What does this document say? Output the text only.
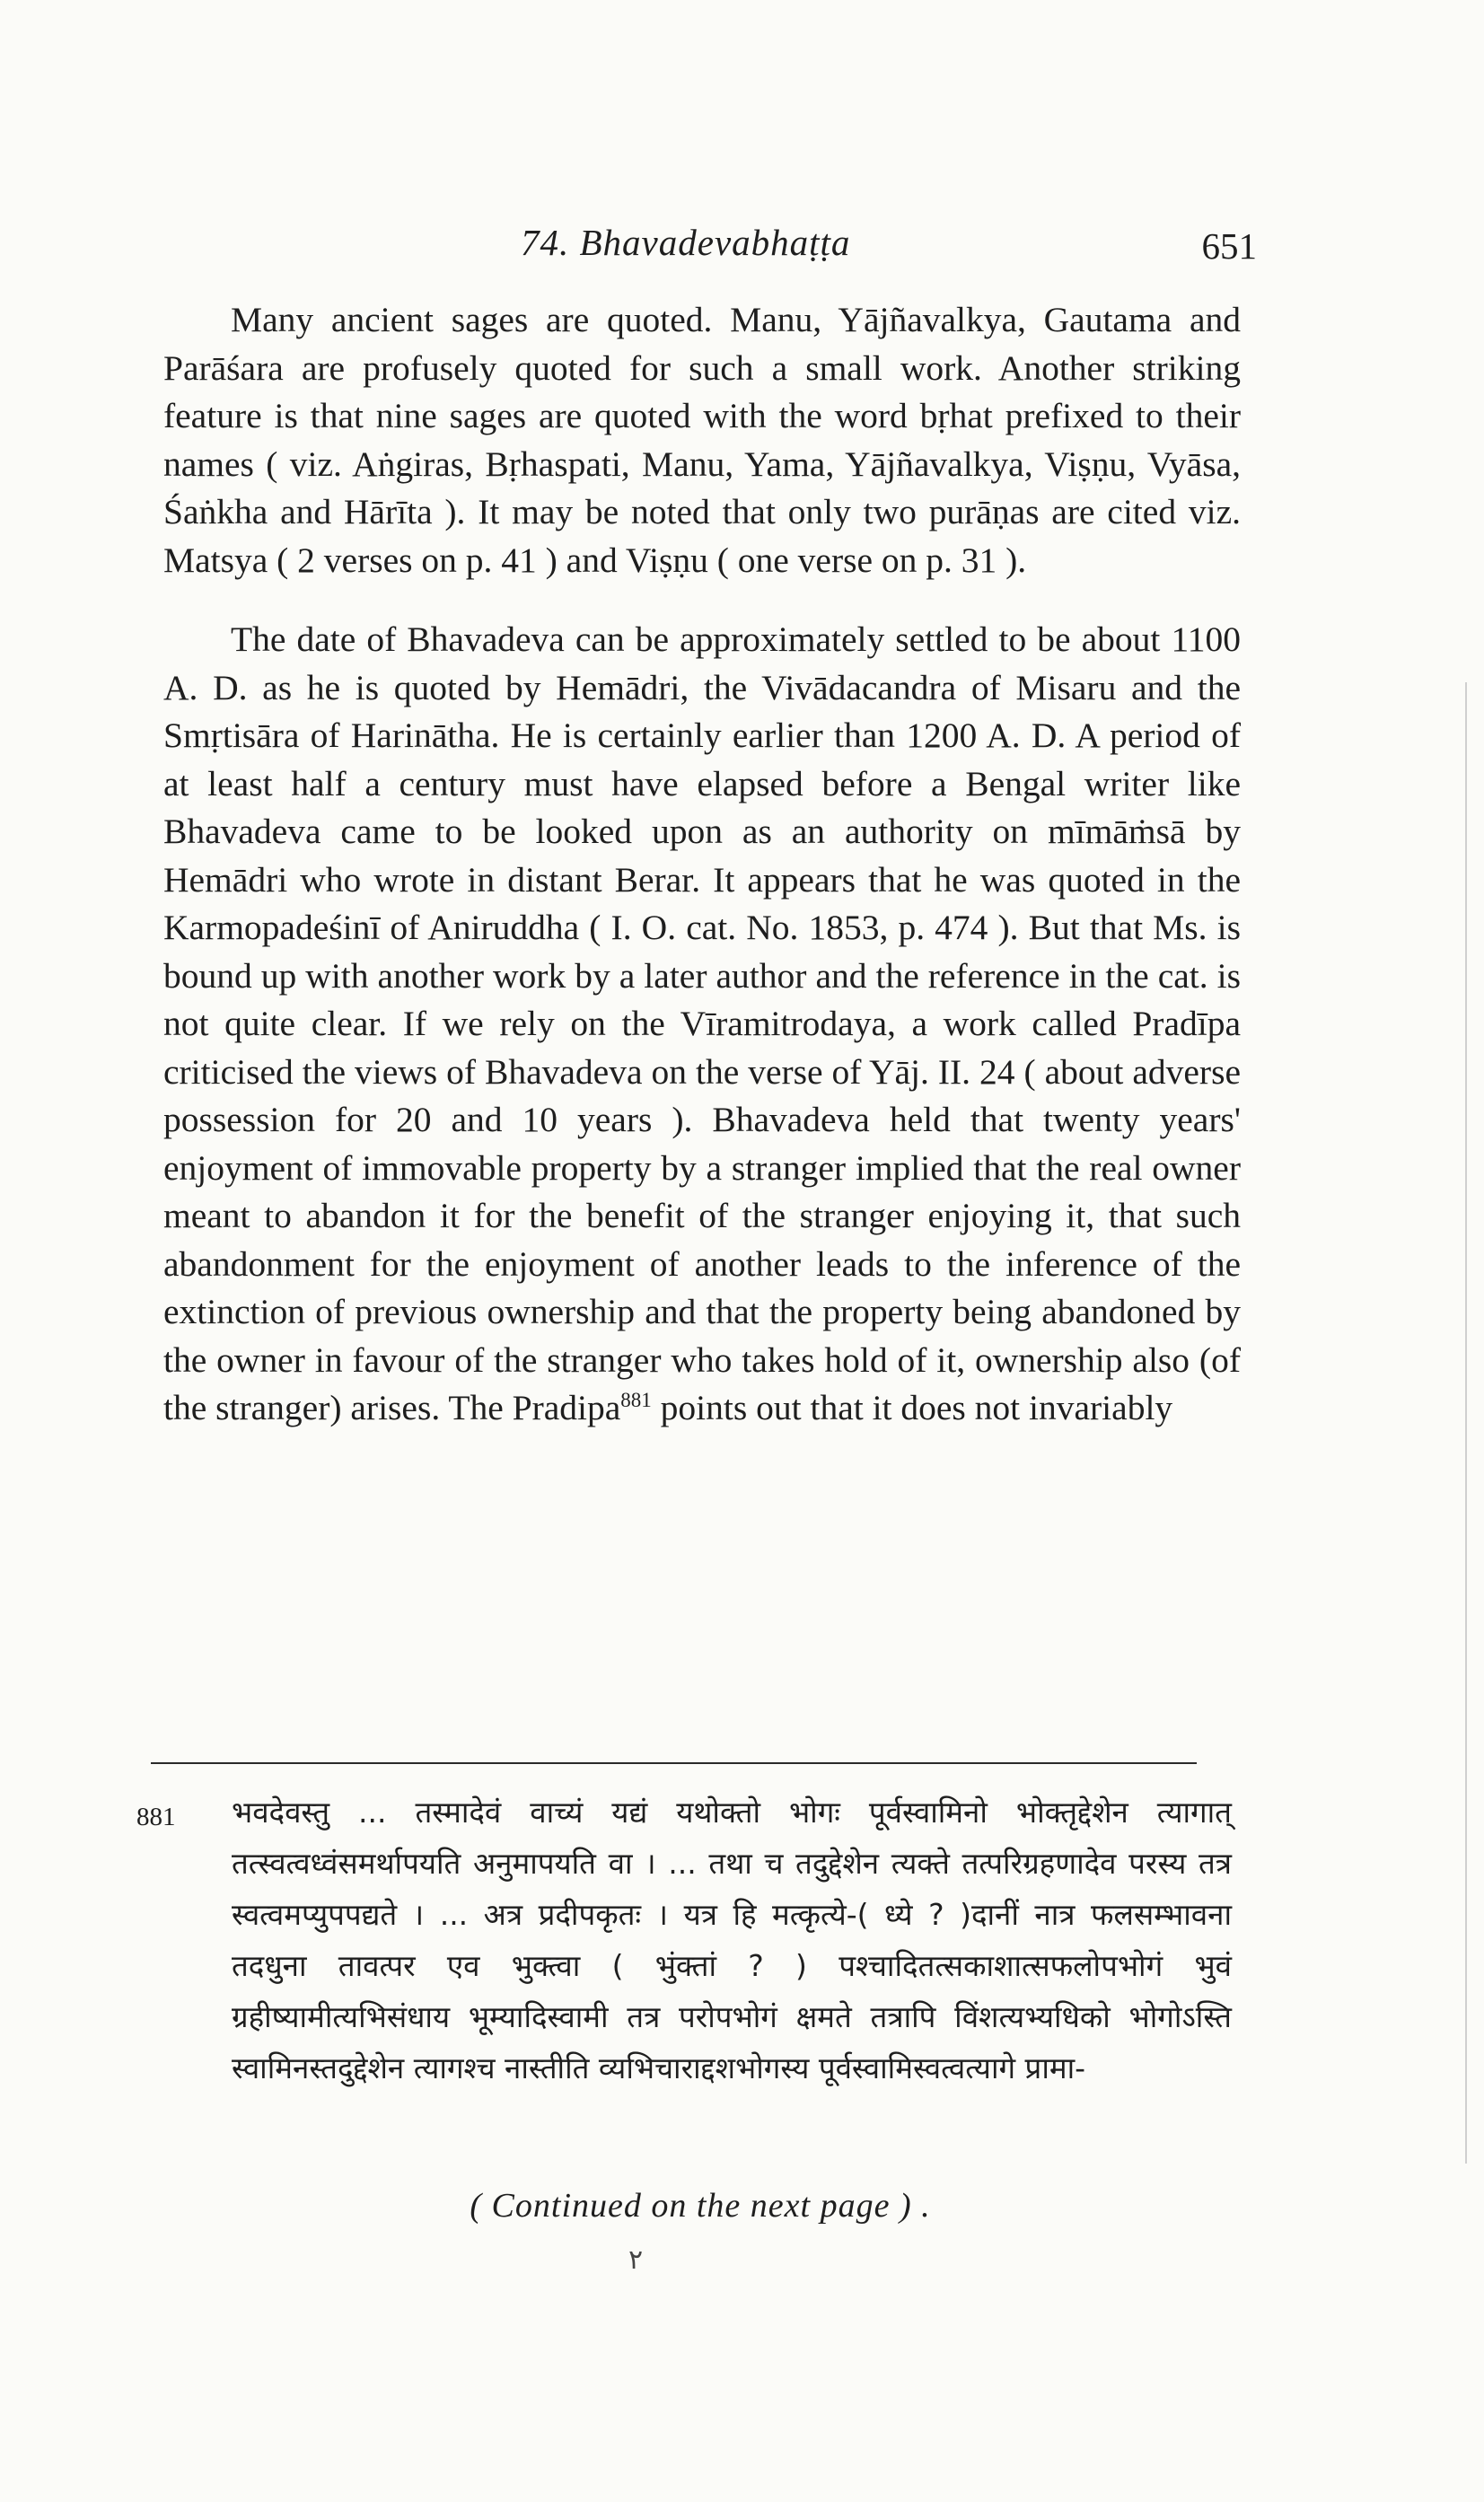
74. Bhavadevabhaṭṭa	651

Many ancient sages are quoted. Manu, Yājñavalkya, Gautama and Parāśara are profusely quoted for such a small work. Another striking feature is that nine sages are quoted with the word bṛhat prefixed to their names ( viz. Aṅgiras, Bṛhaspati, Manu, Yama, Yājñavalkya, Viṣṇu, Vyāsa, Śaṅkha and Hārīta ). It may be noted that only two purāṇas are cited viz. Matsya ( 2 verses on p. 41 ) and Viṣṇu ( one verse on p. 31 ).

The date of Bhavadeva can be approximately settled to be about 1100 A. D. as he is quoted by Hemādri, the Vivādacandra of Misaru and the Smṛtisāra of Harinātha. He is certainly earlier than 1200 A. D. A period of at least half a century must have elapsed before a Bengal writer like Bhavadeva came to be looked upon as an authority on mīmāṁsā by Hemādri who wrote in distant Berar. It appears that he was quoted in the Karmopadeśinī of Aniruddha ( I. O. cat. No. 1853, p. 474 ). But that Ms. is bound up with another work by a later author and the reference in the cat. is not quite clear. If we rely on the Vīramitrodaya, a work called Pradīpa criticised the views of Bhavadeva on the verse of Yāj. II. 24 ( about adverse possession for 20 and 10 years ). Bhavadeva held that twenty years' enjoyment of immovable property by a stranger implied that the real owner meant to abandon it for the benefit of the stranger enjoying it, that such abandonment for the enjoyment of another leads to the inference of the extinction of previous ownership and that the property being abandoned by the owner in favour of the stranger who takes hold of it, ownership also (of the stranger) arises. The Pradipa$^{881}$ points out that it does not invariably

881 भवदेवस्तु ... तस्मादेवं वाच्यं यद्यं यथोक्तो भोगः पूर्वस्वामिनो भोक्तृद्देशेन त्यागात् तत्स्वत्वध्वंसमर्थापयति अनुमापयति वा । ... तथा च तदुद्देशेन त्यक्ते तत्परिग्रहणादेव परस्य तत्र स्वत्वमप्युपपद्यते । ... अत्र प्रदीपकृतः । यत्र हि मत्कृत्ये-( ध्ये ? )दानीं नात्र फलसम्भावना तदधुना तावत्पर एव भुक्त्वा ( भुंक्तां ? ) पश्चादितत्सकाशात्सफलोपभोगं भुवं ग्रहीष्यामीत्यभिसंधाय भूम्यादिस्वामी तत्र परोपभोगं क्षमते तत्रापि विंशत्यभ्यधिको भोगोऽस्ति स्वामिनस्तदुद्देशेन त्यागश्च नास्तीति व्यभिचाराद्दशभोगस्य पूर्वस्वामिस्वत्वत्यागे प्रामा-
( Continued on the next page ) .
٢
